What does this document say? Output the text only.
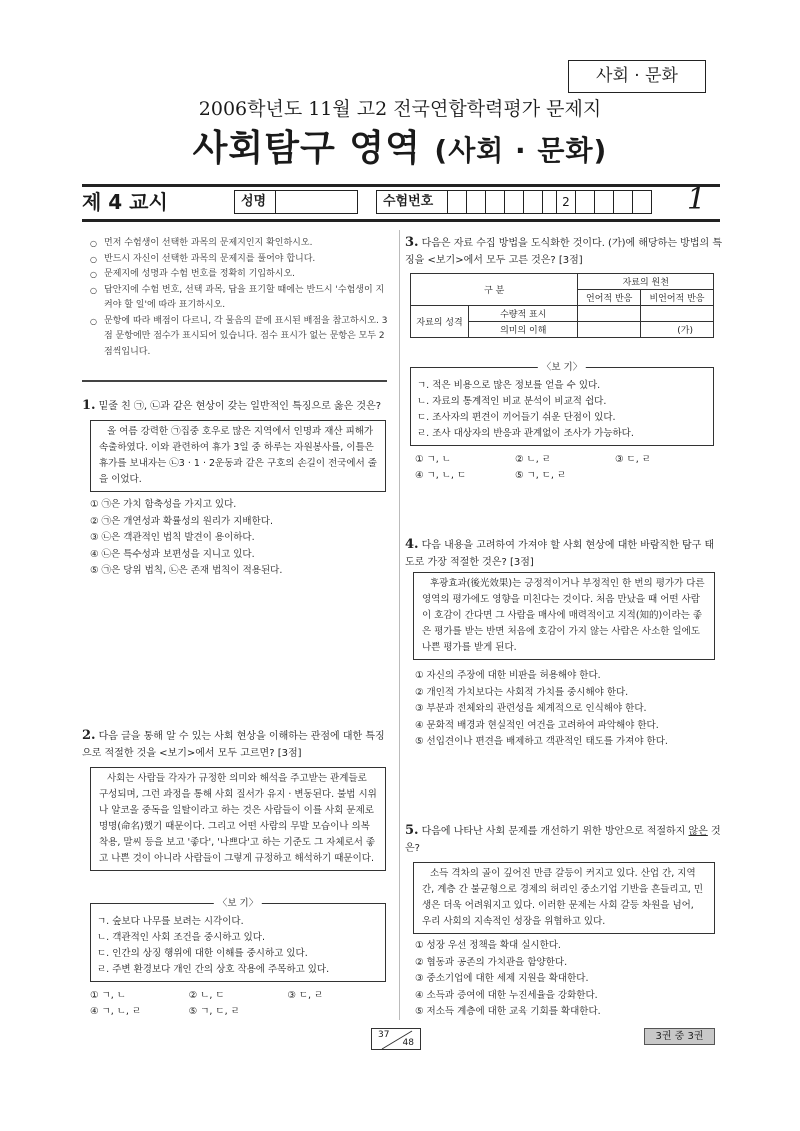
사회 · 문화
2006학년도 11월 고2 전국연합학력평가 문제지
사회탐구 영역 (사회 · 문화)
제 4 교시	성명	수험번호	2	1
○ 먼저 수험생이 선택한 과목의 문제지인지 확인하시오.
○ 반드시 자신이 선택한 과목의 문제지를 풀어야 합니다.
○ 문제지에 성명과 수험 번호를 정확히 기입하시오.
○ 답안지에 수험 번호, 선택 과목, 답을 표기할 때에는 반드시 '수험생이 지켜야 할 일'에 따라 표기하시오.
○ 문항에 따라 배점이 다르니, 각 물음의 끝에 표시된 배점을 참고하시오. 3점 문항에만 점수가 표시되어 있습니다. 점수 표시가 없는 문항은 모두 2점씩입니다.
1. 밑줄 친 ㉠, ㉡과 같은 현상이 갖는 일반적인 특징으로 옳은 것은?

올 여름 강력한 ㉠집중 호우로 많은 지역에서 인명과 재산 피해가 속출하였다. 이와 관련하여 휴가 3일 중 하루는 자원봉사를, 이틀은 휴가를 보내자는 ㉡3 · 1 · 2운동과 같은 구호의 손길이 전국에서 줄을 이었다.

① ㉠은 가치 함축성을 가지고 있다.
② ㉠은 개연성과 확률성의 원리가 지배한다.
③ ㉡은 객관적인 법칙 발견이 용이하다.
④ ㉡은 특수성과 보편성을 지니고 있다.
⑤ ㉠은 당위 법칙, ㉡은 존재 법칙이 적용된다.
2. 다음 글을 통해 알 수 있는 사회 현상을 이해하는 관점에 대한 특징으로 적절한 것을 <보기>에서 모두 고르면? [3점]

사회는 사람들 각자가 규정한 의미와 해석을 주고받는 관계들로 구성되며, 그런 과정을 통해 사회 질서가 유지 · 변동된다. 불법 시위나 알코올 중독을 일탈이라고 하는 것은 사람들이 이를 사회 문제로 명명(命名)했기 때문이다. 그리고 어떤 사람의 무발 모습이나 의복 착용, 말씨 등을 보고 '좋다', '나쁘다'고 하는 기준도 그 자체로서 좋고 나쁜 것이 아니라 사람들이 그렇게 규정하고 해석하기 때문이다.

〈 보 기 〉
ㄱ. 숲보다 나무를 보려는 시각이다.
ㄴ. 객관적인 사회 조건을 중시하고 있다.
ㄷ. 인간의 상징 행위에 대한 이해를 중시하고 있다.
ㄹ. 주변 환경보다 개인 간의 상호 작용에 주목하고 있다.
① ㄱ, ㄴ	② ㄴ, ㄷ	③ ㄷ, ㄹ
④ ㄱ, ㄴ, ㄹ	⑤ ㄱ, ㄷ, ㄹ
3. 다음은 자료 수집 방법을 도식화한 것이다. (가)에 해당하는 방법의 특징을 <보기>에서 모두 고른 것은? [3점]
구 분		자료의 원천	
		언어적 반응	비언어적 반응
자료의 성격	수량적 표시		
	의미의 이해		(가)
〈 보 기 〉
ㄱ. 적은 비용으로 많은 정보를 얻을 수 있다.
ㄴ. 자료의 통계적인 비교 분석이 비교적 쉽다.
ㄷ. 조사자의 편견이 끼어들기 쉬운 단점이 있다.
ㄹ. 조사 대상자의 반응과 관계없이 조사가 가능하다.
① ㄱ, ㄴ	② ㄴ, ㄹ	③ ㄷ, ㄹ
④ ㄱ, ㄴ, ㄷ	⑤ ㄱ, ㄷ, ㄹ
4. 다음 내용을 고려하여 가져야 할 사회 현상에 대한 바람직한 탐구 태도로 가장 적절한 것은? [3점]

후광효과(後光效果)는 긍정적이거나 부정적인 한 번의 평가가 다른 영역의 평가에도 영향을 미친다는 것이다. 처음 만났을 때 어떤 사람이 호감이 간다면 그 사람을 매사에 매력적이고 지적(知的)이라는 좋은 평가를 받는 반면 처음에 호감이 가지 않는 사람은 사소한 일에도 나쁜 평가를 받게 된다.

① 자신의 주장에 대한 비판을 허용해야 한다.
② 개인적 가치보다는 사회적 가치를 중시해야 한다.
③ 부분과 전체와의 관련성을 체계적으로 인식해야 한다.
④ 문화적 배경과 현실적인 여건을 고려하여 파악해야 한다.
⑤ 선입견이나 편견을 배제하고 객관적인 태도를 가져야 한다.
5. 다음에 나타난 사회 문제를 개선하기 위한 방안으로 적절하지 않은 것은?

소득 격차의 골이 깊어진 만큼 갈등이 커지고 있다. 산업 간, 지역 간, 계층 간 불균형으로 경제의 허리인 중소기업 기반을 흔들리고, 민생은 더욱 어려워지고 있다. 이러한 문제는 사회 갈등 차원을 넘어, 우리 사회의 지속적인 성장을 위협하고 있다.

① 성장 우선 정책을 확대 실시한다.
② 협동과 공존의 가치관을 함양한다.
③ 중소기업에 대한 세제 지원을 확대한다.
④ 소득과 증여에 대한 누진세율을 강화한다.
⑤ 저소득 계층에 대한 교육 기회를 확대한다.
37
48
3권 중 3권
